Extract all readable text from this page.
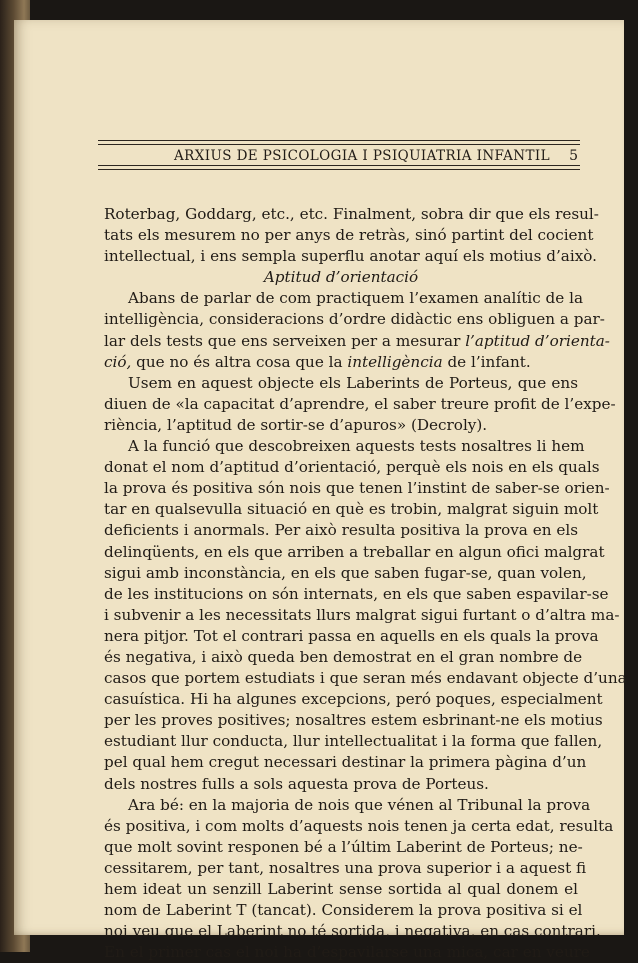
ARXIUS DE PSICOLOGIA I PSIQUIATRIA INFANTIL 5
Roterbag, Goddarg, etc., etc. Finalment, sobra dir que els resul-
tats els mesurem no per anys de retràs, sinó partint del cocient
intellectual, i ens sempla superflu anotar aquí els motius d’això.
Aptitud d’orientació
Abans de parlar de com practiquem l’examen analític de la
intelligència, consideracions d’ordre didàctic ens obliguen a par-
lar dels tests que ens serveixen per a mesurar l’aptitud d’orienta-
ció, que no és altra cosa que la intelligència de l’infant.
Usem en aquest objecte els Laberints de Porteus, que ens
diuen de «la capacitat d’aprendre, el saber treure profit de l’expe-
riència, l’aptitud de sortir-se d’apuros» (Decroly).
A la funció que descobreixen aquests tests nosaltres li hem
donat el nom d’aptitud d’orientació, perquè els nois en els quals
la prova és positiva són nois que tenen l’instint de saber-se orien-
tar en qualsevulla situació en què es trobin, malgrat siguin molt
deficients i anormals. Per això resulta positiva la prova en els
delinqüents, en els que arriben a treballar en algun ofici malgrat
sigui amb inconstància, en els que saben fugar-se, quan volen,
de les institucions on són internats, en els que saben espavilar-se
i subvenir a les necessitats llurs malgrat sigui furtant o d’altra ma-
nera pitjor. Tot el contrari passa en aquells en els quals la prova
és negativa, i això queda ben demostrat en el gran nombre de
casos que portem estudiats i que seran més endavant objecte d’una
casuística. Hi ha algunes excepcions, peró poques, especialment
per les proves positives; nosaltres estem esbrinant-ne els motius
estudiant llur conducta, llur intellectualitat i la forma que fallen,
pel qual hem cregut necessari destinar la primera pàgina d’un
dels nostres fulls a sols aquesta prova de Porteus.
Ara bé: en la majoria de nois que vénen al Tribunal la prova
és positiva, i com molts d’aquests nois tenen ja certa edat, resulta
que molt sovint responen bé a l’últim Laberint de Porteus; ne-
cessitarem, per tant, nosaltres una prova superior i a aquest fi
hem ideat un senzill Laberint sense sortida al qual donem el
nom de Laberint T (tancat). Considerem la prova positiva si el
noi veu que el Laberint no té sortida, i negativa, en cas contrari.
En el primer cas el noi ha d’espavilarse una mica, car en veure
